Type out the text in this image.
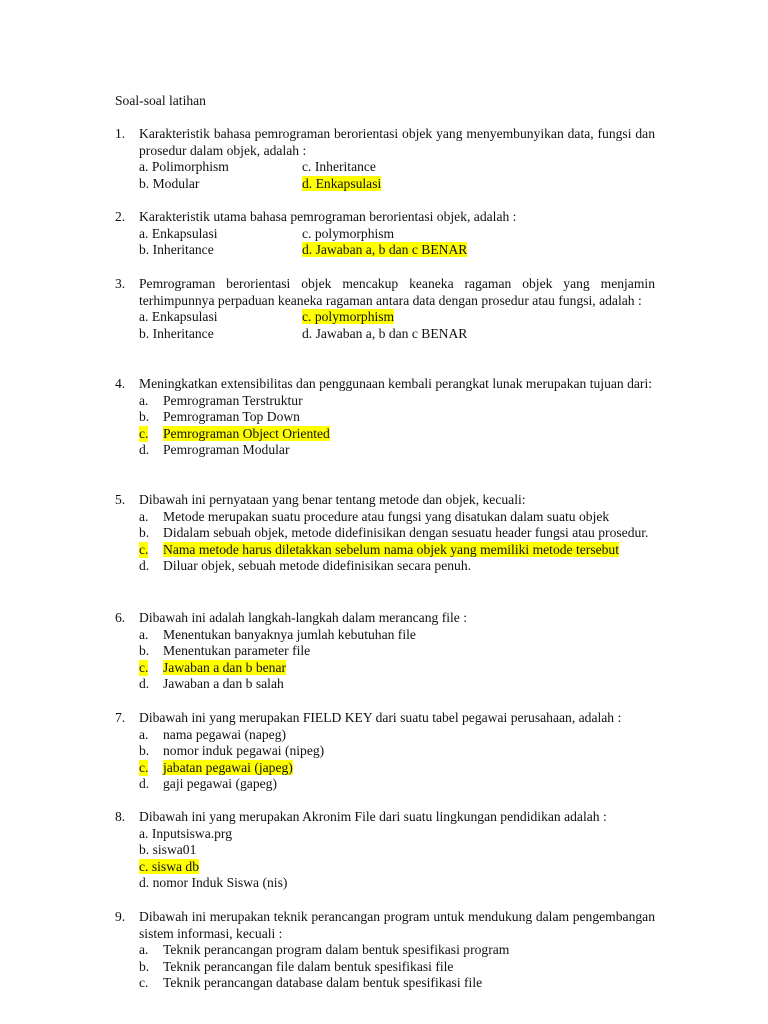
Soal-soal latihan
1. Karakteristik bahasa pemrograman berorientasi objek yang menyembunyikan data, fungsi dan prosedur dalam objek, adalah :
a. Polimorphism	c. Inheritance
b. Modular	d. Enkapsulasi
2. Karakteristik utama bahasa pemrograman berorientasi objek, adalah :
a. Enkapsulasi	c. polymorphism
b. Inheritance	d. Jawaban a, b dan c BENAR
3. Pemrograman berorientasi objek mencakup keaneka ragaman objek yang menjamin terhimpunnya perpaduan keaneka ragaman antara data dengan prosedur atau fungsi, adalah :
a. Enkapsulasi	c. polymorphism
b. Inheritance	d. Jawaban a, b dan c BENAR
4. Meningkatkan extensibilitas dan penggunaan kembali perangkat lunak merupakan tujuan dari:
a. Pemrograman Terstruktur
b. Pemrograman Top Down
c. Pemrograman Object Oriented
d. Pemrograman Modular
5. Dibawah ini pernyataan yang benar tentang metode dan objek, kecuali:
a. Metode merupakan suatu procedure atau fungsi yang disatukan dalam suatu objek
b. Didalam sebuah objek, metode didefinisikan dengan sesuatu header fungsi atau prosedur.
c. Nama metode harus diletakkan sebelum nama objek yang memiliki metode tersebut
d. Diluar objek, sebuah metode didefinisikan secara penuh.
6. Dibawah ini adalah langkah-langkah dalam merancang file :
a. Menentukan banyaknya jumlah kebutuhan file
b. Menentukan parameter file
c. Jawaban a dan b benar
d. Jawaban a dan b salah
7. Dibawah ini yang merupakan FIELD KEY dari suatu tabel pegawai perusahaan, adalah :
a. nama pegawai (napeg)
b. nomor induk pegawai (nipeg)
c. jabatan pegawai (japeg)
d. gaji pegawai (gapeg)
8. Dibawah ini yang merupakan Akronim File dari suatu lingkungan pendidikan adalah :
a. Inputsiswa.prg
b. siswa01
c. siswa db
d. nomor Induk Siswa (nis)
9. Dibawah ini merupakan teknik perancangan program untuk mendukung dalam pengembangan sistem informasi, kecuali :
a. Teknik perancangan program dalam bentuk spesifikasi program
b. Teknik perancangan file dalam bentuk spesifikasi file
c. Teknik perancangan database dalam bentuk spesifikasi file
